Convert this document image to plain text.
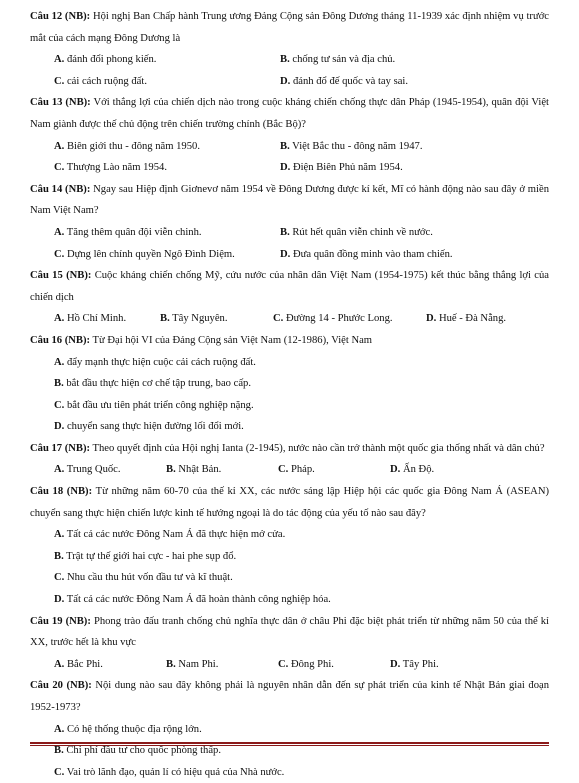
Câu 12 (NB): Hội nghị Ban Chấp hành Trung ương Đảng Cộng sản Đông Dương tháng 11-1939 xác định nhiệm vụ trước mắt của cách mạng Đông Dương là

A. đánh đổi phong kiến.	B. chống tư sản và địa chủ.
C. cải cách ruộng đất.	D. đánh đổ đế quốc và tay sai.

Câu 13 (NB): Với thắng lợi của chiến dịch nào trong cuộc kháng chiến chống thực dân Pháp (1945-1954), quân đội Việt Nam giành được thế chủ động trên chiến trường chính (Bắc Bộ)?

A. Biên giới thu - đông năm 1950.	B. Việt Bắc thu - đông năm 1947.
C. Thượng Lào năm 1954.	D. Điện Biên Phủ năm 1954.

Câu 14 (NB): Ngay sau Hiệp định Giơnevơ năm 1954 về Đông Dương được kí kết, Mĩ có hành động nào sau đây ở miền Nam Việt Nam?

A. Tăng thêm quân đội viễn chinh.	B. Rút hết quân viễn chinh về nước.
C. Dựng lên chính quyền Ngô Đình Diệm.	D. Đưa quân đồng minh vào tham chiến.

Câu 15 (NB): Cuộc kháng chiến chống Mỹ, cứu nước của nhân dân Việt Nam (1954-1975) kết thúc bằng thắng lợi của chiến dịch

A. Hồ Chí Minh.	B. Tây Nguyên.	C. Đường 14 - Phước Long.	D. Huế - Đà Nẵng.

Câu 16 (NB): Từ Đại hội VI của Đảng Cộng sản Việt Nam (12-1986), Việt Nam

A. đẩy mạnh thực hiện cuộc cải cách ruộng đất.
B. bắt đầu thực hiện cơ chế tập trung, bao cấp.
C. bắt đầu ưu tiên phát triển công nghiệp nặng.
D. chuyển sang thực hiện đường lối đổi mới.

Câu 17 (NB): Theo quyết định của Hội nghị Ianta (2-1945), nước nào cần trở thành một quốc gia thống nhất và dân chủ?

A. Trung Quốc.	B. Nhật Bản.	C. Pháp.	D. Ấn Độ.

Câu 18 (NB): Từ những năm 60-70 của thế kỉ XX, các nước sáng lập Hiệp hội các quốc gia Đông Nam Á (ASEAN) chuyển sang thực hiện chiến lược kinh tế hướng ngoại là do tác động của yếu tố nào sau đây?

A. Tất cả các nước Đông Nam Á đã thực hiện mở cửa.
B. Trật tự thế giới hai cực - hai phe sụp đổ.
C. Nhu cầu thu hút vốn đầu tư và kĩ thuật.
D. Tất cả các nước Đông Nam Á đã hoàn thành công nghiệp hóa.

Câu 19 (NB): Phong trào đấu tranh chống chủ nghĩa thực dân ở châu Phi đặc biệt phát triển từ những năm 50 của thế kỉ XX, trước hết là khu vực

A. Bắc Phi.	B. Nam Phi.	C. Đông Phi.	D. Tây Phi.

Câu 20 (NB): Nội dung nào sau đây không phải là nguyên nhân dẫn đến sự phát triển của kinh tế Nhật Bản giai đoạn 1952-1973?

A. Có hệ thống thuộc địa rộng lớn.
B. Chi phí đầu tư cho quốc phòng thấp.
C. Vai trò lãnh đạo, quản lí có hiệu quả của Nhà nước.
